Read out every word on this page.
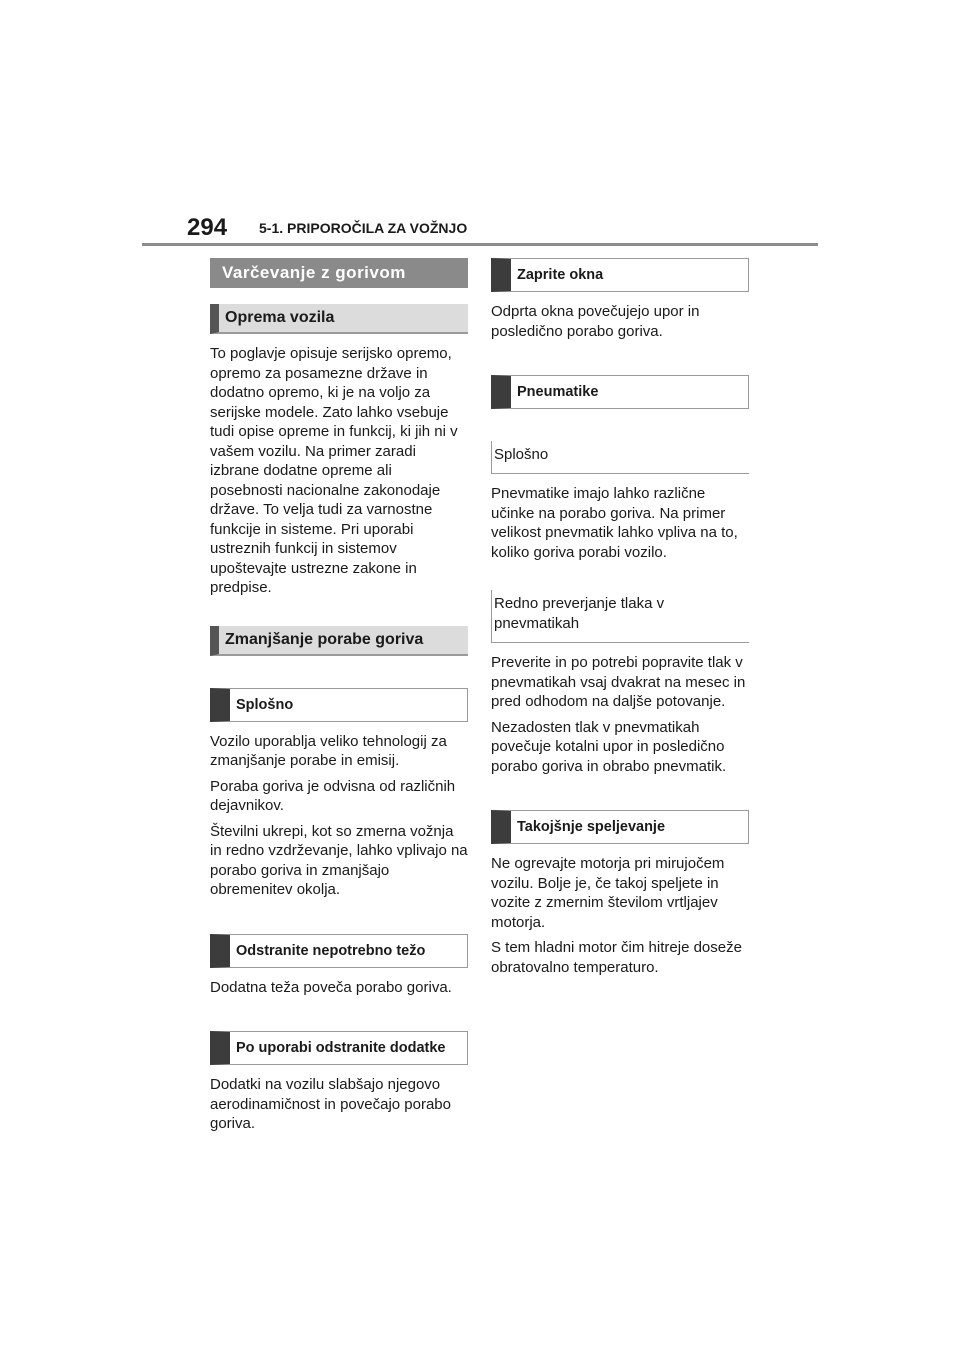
294 5-1. PRIPOROČILA ZA VOŽNJO
Varčevanje z gorivom
Oprema vozila

To poglavje opisuje serijsko opremo, opremo za posamezne države in dodatno opremo, ki je na voljo za serijske modele. Zato lahko vsebuje tudi opise opreme in funkcij, ki jih ni v vašem vozilu. Na primer zaradi izbrane dodatne opreme ali posebnosti nacionalne zakonodaje države. To velja tudi za varnostne funkcije in sisteme. Pri uporabi ustreznih funkcij in sistemov upoštevajte ustrezne zakone in predpise.

Zmanjšanje porabe goriva
Splošno

Vozilo uporablja veliko tehnologij za zmanjšanje porabe in emisij.

Poraba goriva je odvisna od različnih dejavnikov.

Številni ukrepi, kot so zmerna vožnja in redno vzdrževanje, lahko vplivajo na porabo goriva in zmanjšajo obremenitev okolja.

Odstranite nepotrebno težo

Dodatna teža poveča porabo goriva.

Po uporabi odstranite dodatke

Dodatki na vozilu slabšajo njegovo aerodinamičnost in povečajo porabo goriva.

Zaprite okna

Odprta okna povečujejo upor in posledično porabo goriva.

Pneumatike
Splošno

Pnevmatike imajo lahko različne učinke na porabo goriva. Na primer velikost pnevmatik lahko vpliva na to, koliko goriva porabi vozilo.

Redno preverjanje tlaka v pnevmatikah

Preverite in po potrebi popravite tlak v pnevmatikah vsaj dvakrat na mesec in pred odhodom na daljše potovanje.

Nezadosten tlak v pnevmatikah povečuje kotalni upor in posledično porabo goriva in obrabo pnevmatik.

Takojšnje speljevanje

Ne ogrevajte motorja pri mirujočem vozilu. Bolje je, če takoj speljete in vozite z zmernim številom vrtljajev motorja.

S tem hladni motor čim hitreje doseže obratovalno temperaturo.
